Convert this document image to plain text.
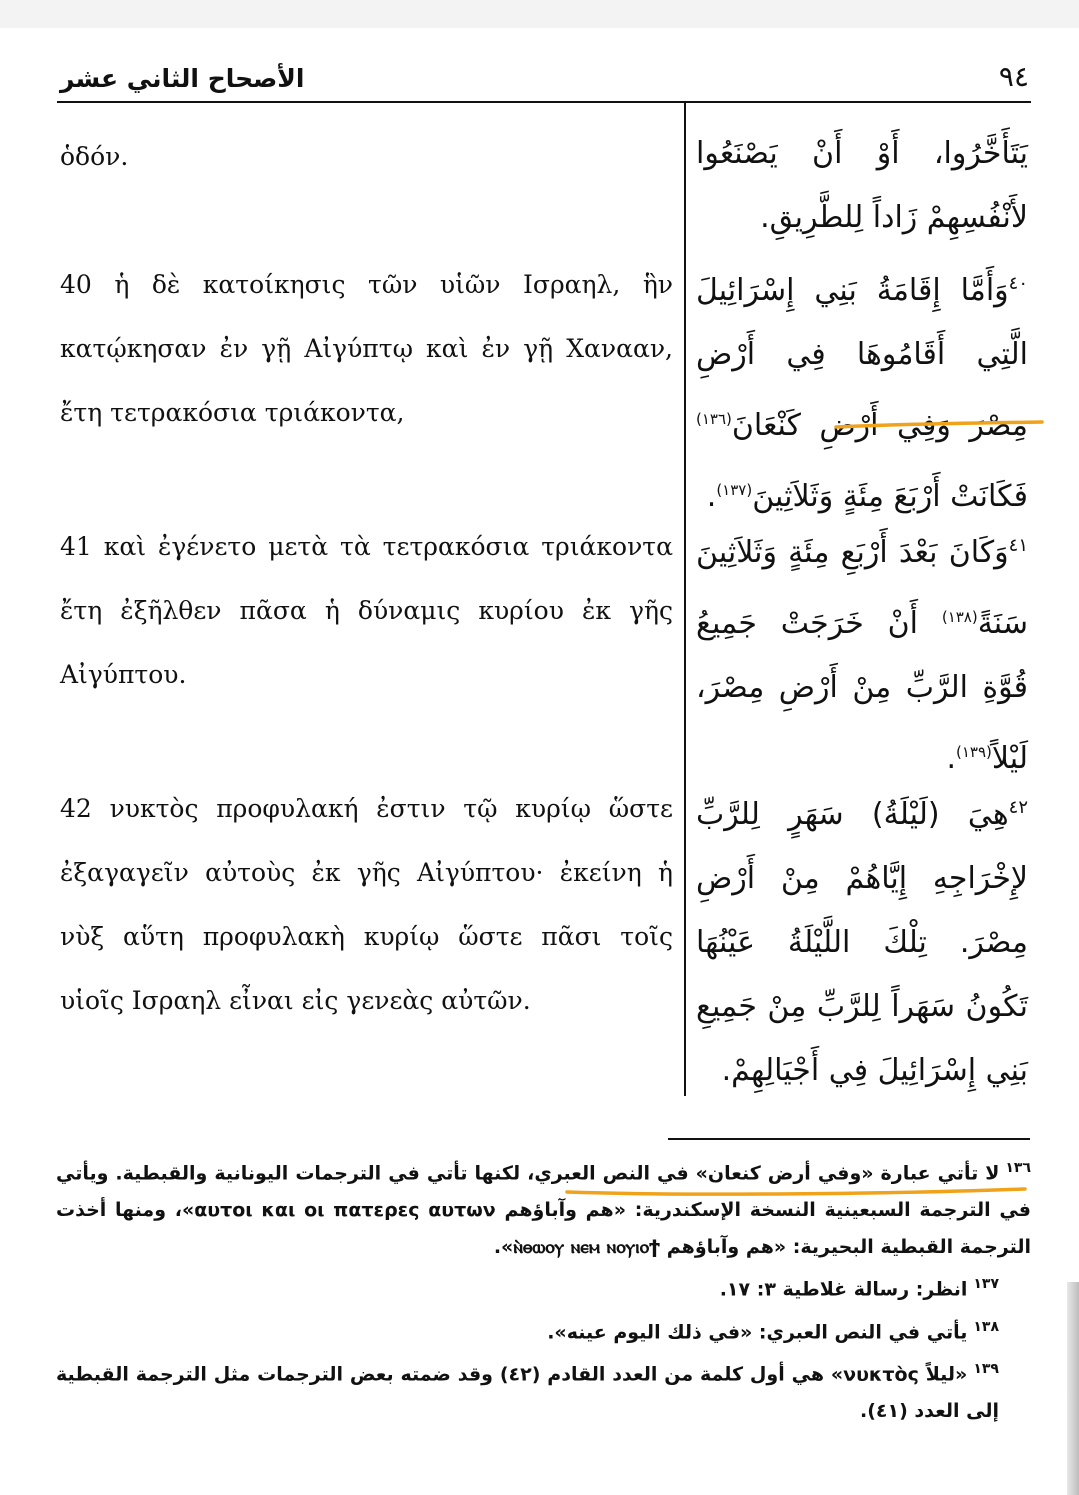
٩٤
الأصحاح الثاني عشر
ὁδόν.
40 ἡ δὲ κατοίκησις τῶν υἱῶν Ισραηλ, ἣν κατῴκησαν ἐν γῇ Αἰγύπτῳ καὶ ἐν γῇ Χανααν, ἔτη τετρακόσια τριάκοντα,
41 καὶ ἐγένετο μετὰ τὰ τετρακόσια τριάκοντα ἔτη ἐξῆλθεν πᾶσα ἡ δύναμις κυρίου ἐκ γῆς Αἰγύπτου.
42 νυκτὸς προφυλακή ἐστιν τῷ κυρίῳ ὥστε ἐξαγαγεῖν αὐτοὺς ἐκ γῆς Αἰγύπτου· ἐκείνη ἡ νὺξ αὕτη προφυλακὴ κυρίῳ ὥστε πᾶσι τοῖς υἱοῖς Ισραηλ εἶναι εἰς γενεὰς αὐτῶν.
يَتَأَخَّرُوا، أَوْ أَنْ يَصْنَعُوا لأَنْفُسِهِمْ زَاداً لِلطَّرِيقِ.
$^{٤٠}$وَأَمَّا إِقَامَةُ بَنِي إِسْرَائِيلَ الَّتِي أَقَامُوهَا فِي أَرْضِ مِصْرَ وَفِي أَرْضِ كَنْعَانَ$^{(١٣٦)}$ فَكَانَتْ أَرْبَعَ مِئَةٍ وَثَلاَثِينَ$^{(١٣٧)}$.
$^{٤١}$وَكَانَ بَعْدَ أَرْبَعِ مِئَةٍ وَثَلاَثِينَ سَنَةً$^{(١٣٨)}$ أَنْ خَرَجَتْ جَمِيعُ قُوَّةِ الرَّبِّ مِنْ أَرْضِ مِصْرَ، لَيْلاً$^{(١٣٩)}$.
$^{٤٢}$هِيَ (لَيْلَةُ) سَهَرٍ لِلرَّبِّ لإِخْرَاجِهِ إِيَّاهُمْ مِنْ أَرْضِ مِصْرَ. تِلْكَ اللَّيْلَةُ عَيْنُهَا تَكُونُ سَهَراً لِلرَّبِّ مِنْ جَمِيعِ بَنِي إِسْرَائِيلَ فِي أَجْيَالِهِمْ.
$^{١٣٦}$لا تأتي عبارة «وفي أرض كنعان» في النص العبري، لكنها تأتي في الترجمات اليونانية والقبطية. ويأتي في الترجمة السبعينية النسخة الإسكندرية: «هم وآباؤهم αυτοι και οι πατερες αυτων»، ومنها أخذت الترجمة القبطية البحيرية: «هم وآباؤهم ⲛ̀ⲑⲱⲟⲩ ⲛⲉⲙ ⲛⲟⲩⲓⲟϯ».
$^{١٣٧}$انظر: رسالة غلاطية ٣: ١٧.
$^{١٣٨}$يأتي في النص العبري: «في ذلك اليوم عينه».
$^{١٣٩}$«ليلاً νυκτὸς» هي أول كلمة من العدد القادم (٤٢) وقد ضمته بعض الترجمات مثل الترجمة القبطية إلى العدد (٤١).
